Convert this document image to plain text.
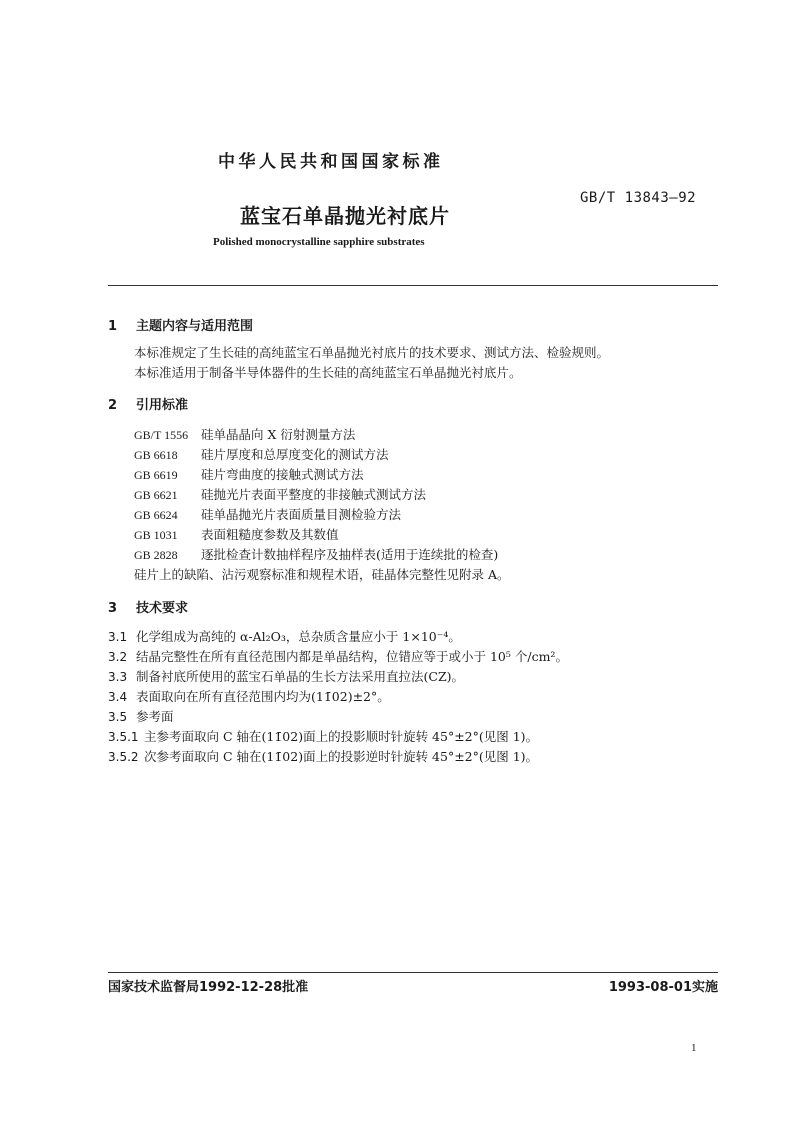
中华人民共和国国家标准
GB/T 13843—92
蓝宝石单晶抛光衬底片
Polished monocrystalline sapphire substrates
1 主题内容与适用范围
本标准规定了生长硅的高纯蓝宝石单晶抛光衬底片的技术要求、测试方法、检验规则。
本标准适用于制备半导体器件的生长硅的高纯蓝宝石单晶抛光衬底片。
2 引用标准
GB/T 1556 硅单晶晶向 X 衍射测量方法
GB 6618 硅片厚度和总厚度变化的测试方法
GB 6619 硅片弯曲度的接触式测试方法
GB 6621 硅抛光片表面平整度的非接触式测试方法
GB 6624 硅单晶抛光片表面质量目测检验方法
GB 1031 表面粗糙度参数及其数值
GB 2828 逐批检查计数抽样程序及抽样表(适用于连续批的检查)
硅片上的缺陷、沾污观察标准和规程术语，硅晶体完整性见附录 A。
3 技术要求
3.1 化学组成为高纯的 α-Al₂O₃，总杂质含量应小于 1×10⁻⁴。
3.2 结晶完整性在所有直径范围内都是单晶结构，位错应等于或小于 10⁵ 个/cm²。
3.3 制备衬底所使用的蓝宝石单晶的生长方法采用直拉法(CZ)。
3.4 表面取向在所有直径范围内均为(11̄02)±2°。
3.5 参考面
3.5.1 主参考面取向 C 轴在(11̄02)面上的投影顺时针旋转 45°±2°(见图 1)。
3.5.2 次参考面取向 C 轴在(11̄02)面上的投影逆时针旋转 45°±2°(见图 1)。
国家技术监督局1992-12-28批准	1993-08-01实施
1
